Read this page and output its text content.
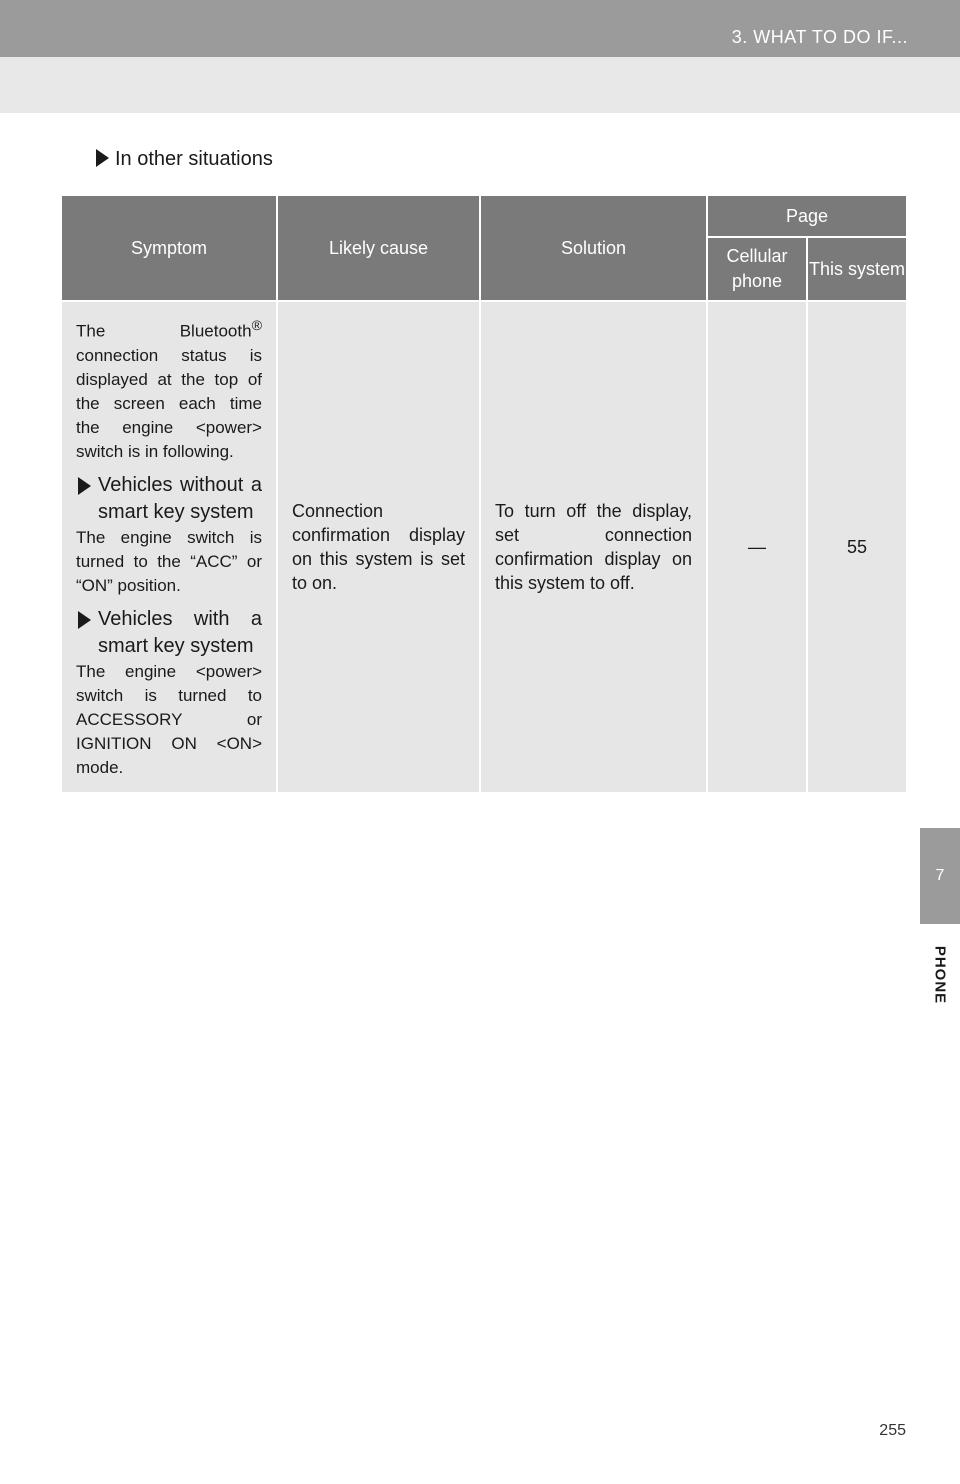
3. WHAT TO DO IF...
In other situations
Symptom	Likely cause	Solution	Page	
			Cellular phone	This system

The Bluetooth® connection status is displayed at the top of the screen each time the engine <power> switch is in following.
Vehicles without a smart key system
The engine switch is turned to the “ACC” or “ON” position.
Vehicles with a smart key system
The engine <power> switch is turned to ACCESSORY or IGNITION ON <ON> mode.	Connection confirmation display on this system is set to on.	To turn off the display, set connection confirmation display on this system to off.	—	55
7
PHONE
255
